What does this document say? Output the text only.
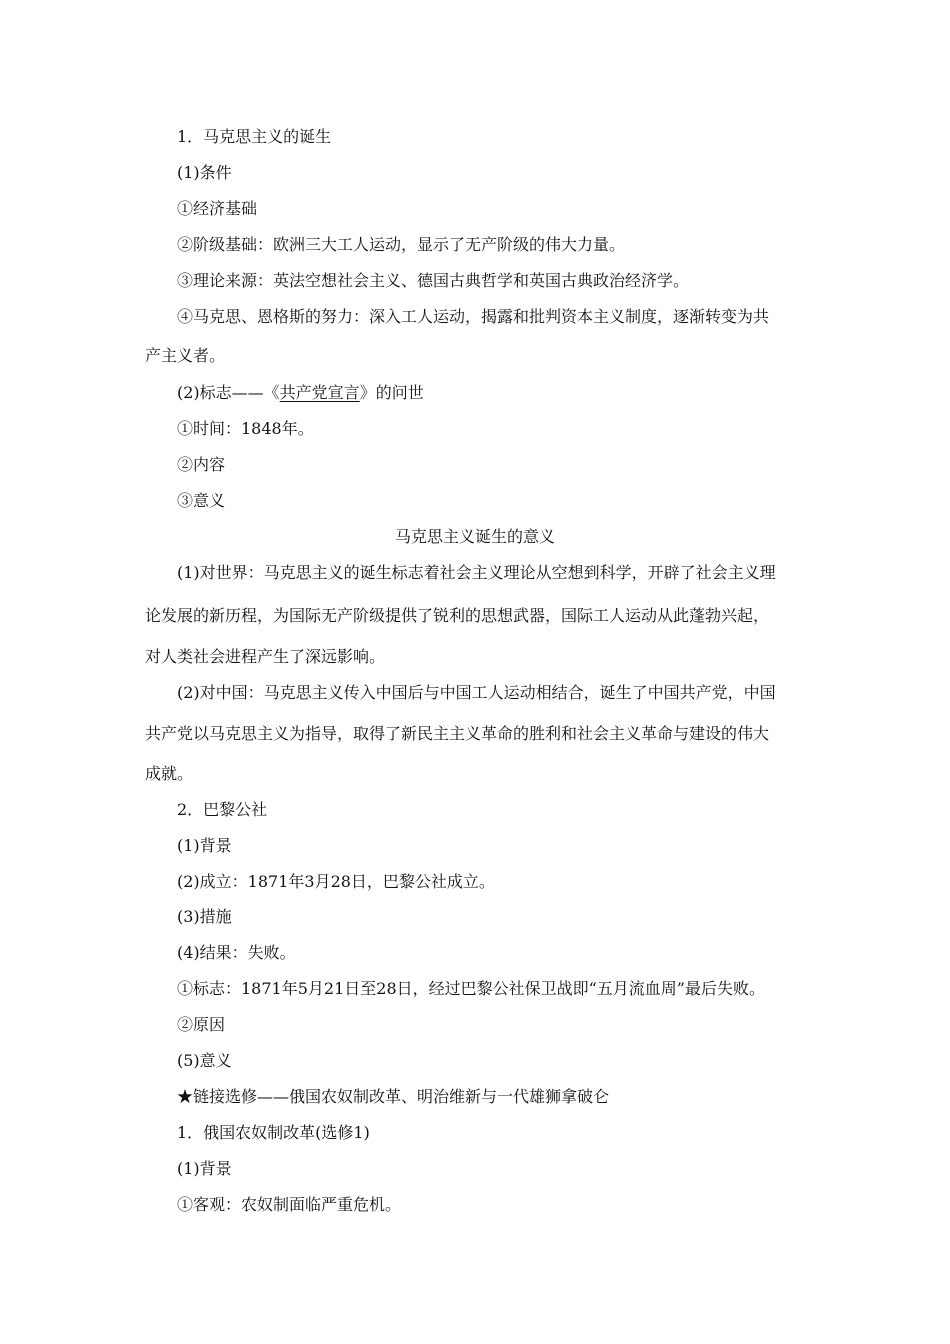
1．马克思主义的诞生
(1)条件
①经济基础
②阶级基础：欧洲三大工人运动，显示了无产阶级的伟大力量。
③理论来源：英法空想社会主义、德国古典哲学和英国古典政治经济学。
④马克思、恩格斯的努力：深入工人运动，揭露和批判资本主义制度，逐渐转变为共
产主义者。
(2)标志——《共产党宣言》的问世
①时间：1848年。
②内容
③意义
马克思主义诞生的意义
(1)对世界：马克思主义的诞生标志着社会主义理论从空想到科学，开辟了社会主义理
论发展的新历程，为国际无产阶级提供了锐利的思想武器，国际工人运动从此蓬勃兴起，
对人类社会进程产生了深远影响。
(2)对中国：马克思主义传入中国后与中国工人运动相结合，诞生了中国共产党，中国
共产党以马克思主义为指导，取得了新民主主义革命的胜利和社会主义革命与建设的伟大
成就。
2．巴黎公社
(1)背景
(2)成立：1871年3月28日，巴黎公社成立。
(3)措施
(4)结果：失败。
①标志：1871年5月21日至28日，经过巴黎公社保卫战即“五月流血周”最后失败。
②原因
(5)意义
★链接选修——俄国农奴制改革、明治维新与一代雄狮拿破仑
1．俄国农奴制改革(选修1)
(1)背景
①客观：农奴制面临严重危机。
